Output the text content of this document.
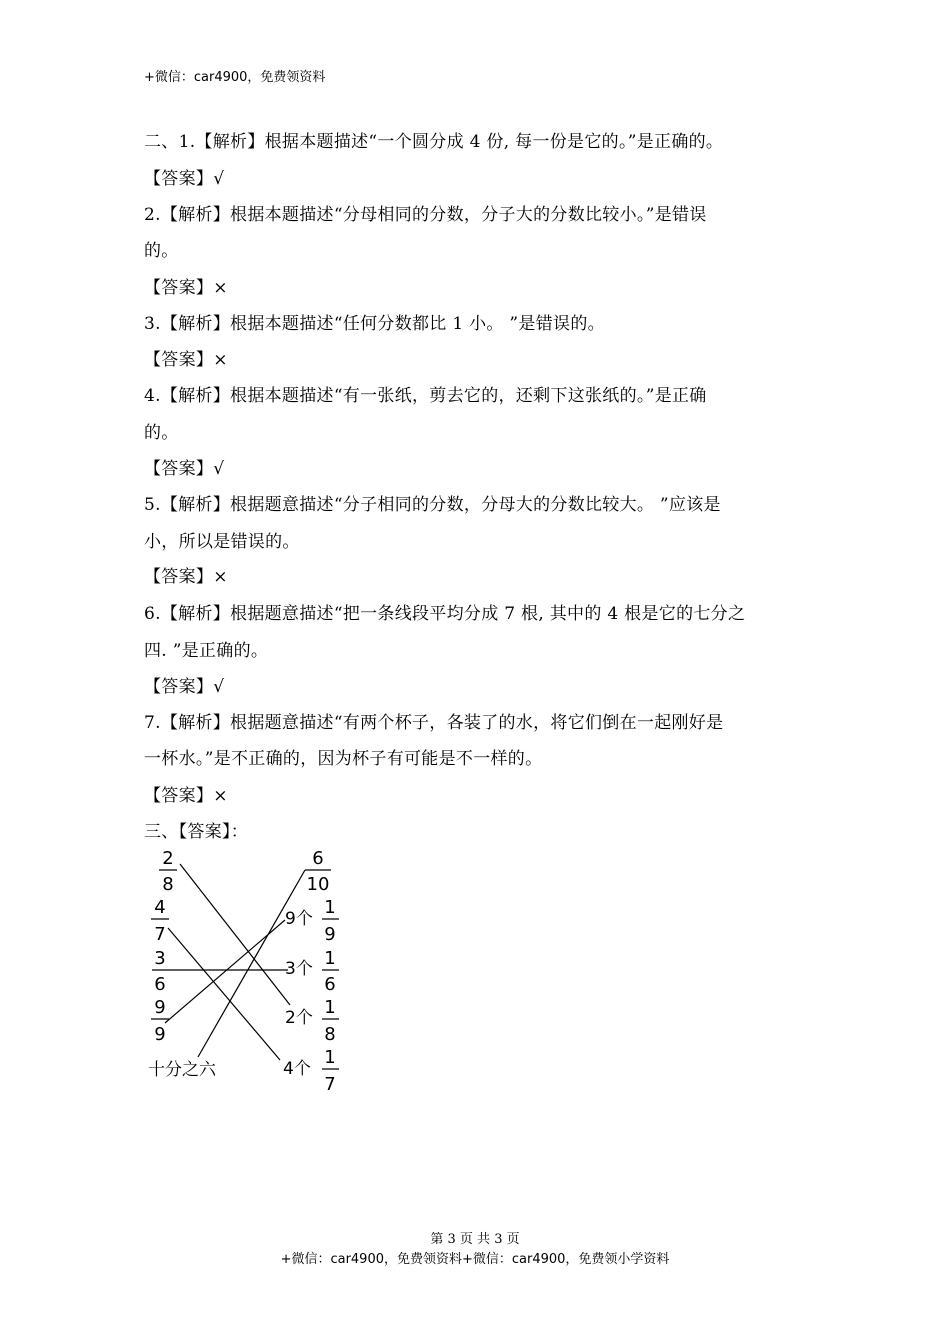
+微信：car4900，免费领资料
二、1.【解析】根据本题描述“一个圆分成 4 份, 每一份是它的。”是正确的。
【答案】√
2.【解析】根据本题描述“分母相同的分数，分子大的分数比较小。”是错误
的。
【答案】×
3.【解析】根据本题描述“任何分数都比 1 小。 ”是错误的。
【答案】×
4.【解析】根据本题描述“有一张纸，剪去它的，还剩下这张纸的。”是正确
的。
【答案】√
5.【解析】根据题意描述“分子相同的分数，分母大的分数比较大。 ”应该是
小，所以是错误的。
【答案】×
6.【解析】根据题意描述“把一条线段平均分成 7 根, 其中的 4 根是它的七分之
四. ”是正确的。
【答案】√
7.【解析】根据题意描述“有两个杯子，各装了的水，将它们倒在一起刚好是
一杯水。”是不正确的，因为杯子有可能是不一样的。
【答案】×
三、【答案】：
2
8
4
7
3
6
9
9
十分之六
6
10
9个
1
9
3个 1
6
2个 1
8
4个
1
7
第 3 页 共 3 页
+微信：car4900，免费领资料+微信：car4900，免费领小学资料
